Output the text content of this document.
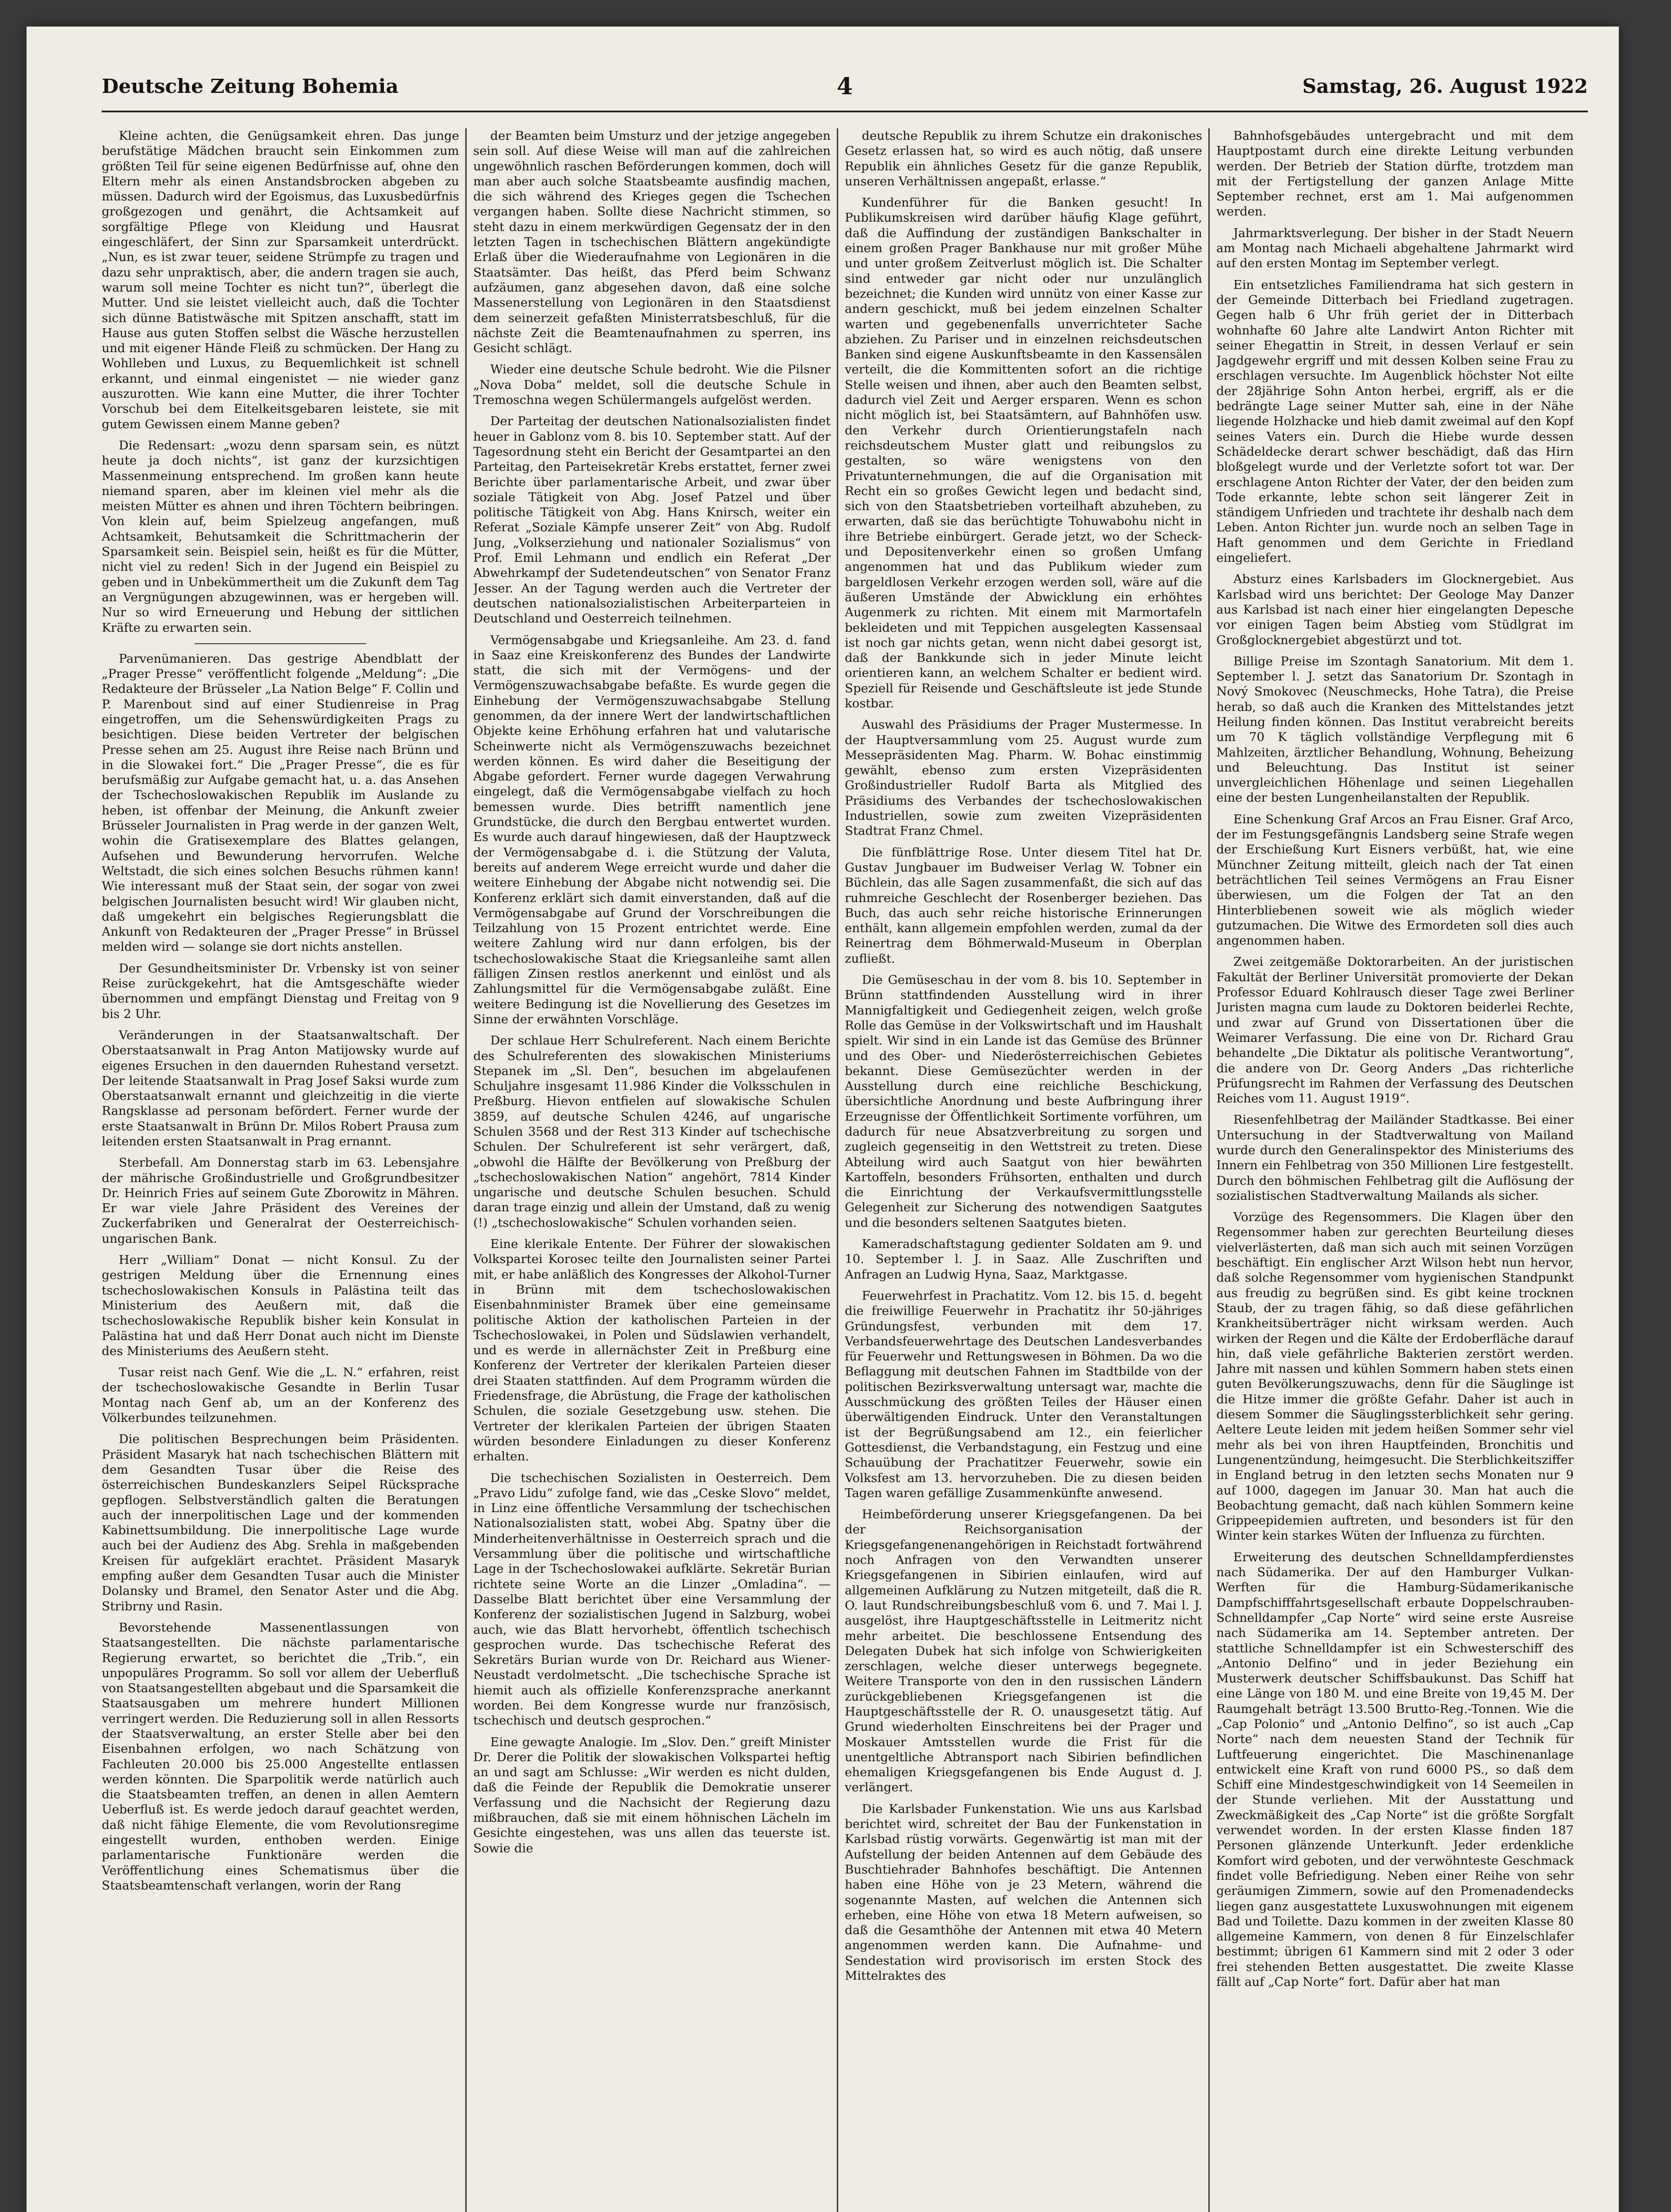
Deutsche Zeitung Bohemia	4	Samstag, 26. August 1922

Kleine achten, die Genügsamkeit ehren. Das junge berufstätige Mädchen braucht sein Einkommen zum größten Teil für seine eigenen Bedürfnisse auf, ohne den Eltern mehr als einen Anstandsbrocken abgeben zu müssen. Dadurch wird der Egoismus, das Luxusbedürfnis großgezogen und genährt, die Achtsamkeit auf sorgfältige Pflege von Kleidung und Hausrat eingeschläfert, der Sinn zur Sparsamkeit unterdrückt. „Nun, es ist zwar teuer, seidene Strümpfe zu tragen und dazu sehr unpraktisch, aber, die andern tragen sie auch, warum soll meine Tochter es nicht tun?“, überlegt die Mutter. Und sie leistet vielleicht auch, daß die Tochter sich dünne Batistwäsche mit Spitzen anschafft, statt im Hause aus guten Stoffen selbst die Wäsche herzustellen und mit eigener Hände Fleiß zu schmücken. Der Hang zu Wohlleben und Luxus, zu Bequemlichkeit ist schnell erkannt, und einmal eingenistet — nie wieder ganz auszurotten. Wie kann eine Mutter, die ihrer Tochter Vorschub bei dem Eitelkeitsgebaren leistete, sie mit gutem Gewissen einem Manne geben?

Die Redensart: „wozu denn sparsam sein, es nützt heute ja doch nichts“, ist ganz der kurzsichtigen Massenmeinung entsprechend. Im großen kann heute niemand sparen, aber im kleinen viel mehr als die meisten Mütter es ahnen und ihren Töchtern beibringen. Von klein auf, beim Spielzeug angefangen, muß Achtsamkeit, Behutsamkeit die Schrittmacherin der Sparsamkeit sein. Beispiel sein, heißt es für die Mütter, nicht viel zu reden! Sich in der Jugend ein Beispiel zu geben und in Unbekümmertheit um die Zukunft dem Tag an Vergnügungen abzugewinnen, was er hergeben will. Nur so wird Erneuerung und Hebung der sittlichen Kräfte zu erwarten sein.

Parvenümanieren. Das gestrige Abendblatt der „Prager Presse“ veröffentlicht folgende „Meldung“: „Die Redakteure der Brüsseler „La Nation Belge“ F. Collin und P. Marenbout sind auf einer Studienreise in Prag eingetroffen, um die Sehenswürdigkeiten Prags zu besichtigen. Diese beiden Vertreter der belgischen Presse sehen am 25. August ihre Reise nach Brünn und in die Slowakei fort.“ Die „Prager Presse“, die es für berufsmäßig zur Aufgabe gemacht hat, u. a. das Ansehen der Tschechoslowakischen Republik im Auslande zu heben, ist offenbar der Meinung, die Ankunft zweier Brüsseler Journalisten in Prag werde in der ganzen Welt, wohin die Gratisexemplare des Blattes gelangen, Aufsehen und Bewunderung hervorrufen. Welche Weltstadt, die sich eines solchen Besuchs rühmen kann! Wie interessant muß der Staat sein, der sogar von zwei belgischen Journalisten besucht wird! Wir glauben nicht, daß umgekehrt ein belgisches Regierungsblatt die Ankunft von Redakteuren der „Prager Presse“ in Brüssel melden wird — solange sie dort nichts anstellen.

Der Gesundheitsminister Dr. Vrbensky ist von seiner Reise zurückgekehrt, hat die Amtsgeschäfte wieder übernommen und empfängt Dienstag und Freitag von 9 bis 2 Uhr.

Veränderungen in der Staatsanwaltschaft. Der Oberstaatsanwalt in Prag Anton Matijowsky wurde auf eigenes Ersuchen in den dauernden Ruhestand versetzt. Der leitende Staatsanwalt in Prag Josef Saksi wurde zum Oberstaatsanwalt ernannt und gleichzeitig in die vierte Rangsklasse ad personam befördert. Ferner wurde der erste Staatsanwalt in Brünn Dr. Milos Robert Prausa zum leitenden ersten Staatsanwalt in Prag ernannt.

Sterbefall. Am Donnerstag starb im 63. Lebensjahre der mährische Großindustrielle und Großgrundbesitzer Dr. Heinrich Fries auf seinem Gute Zborowitz in Mähren. Er war viele Jahre Präsident des Vereines der Zuckerfabriken und Generalrat der Oesterreichisch-ungarischen Bank.

Herr „William“ Donat — nicht Konsul. Zu der gestrigen Meldung über die Ernennung eines tschechoslowakischen Konsuls in Palästina teilt das Ministerium des Aeußern mit, daß die tschechoslowakische Republik bisher kein Konsulat in Palästina hat und daß Herr Donat auch nicht im Dienste des Ministeriums des Aeußern steht.

Tusar reist nach Genf. Wie die „L. N.“ erfahren, reist der tschechoslowakische Gesandte in Berlin Tusar Montag nach Genf ab, um an der Konferenz des Völkerbundes teilzunehmen.

Die politischen Besprechungen beim Präsidenten. Präsident Masaryk hat nach tschechischen Blättern mit dem Gesandten Tusar über die Reise des österreichischen Bundeskanzlers Seipel Rücksprache gepflogen. Selbstverständlich galten die Beratungen auch der innerpolitischen Lage und der kommenden Kabinettsumbildung. Die innerpolitische Lage wurde auch bei der Audienz des Abg. Srehla in maßgebenden Kreisen für aufgeklärt erachtet. Präsident Masaryk empfing außer dem Gesandten Tusar auch die Minister Dolansky und Bramel, den Senator Aster und die Abg. Stribrny und Rasin.

Bevorstehende Massenentlassungen von Staatsangestellten. Die nächste parlamentarische Regierung erwartet, so berichtet die „Trib.“, ein unpopuläres Programm. So soll vor allem der Ueberfluß von Staatsangestellten abgebaut und die Sparsamkeit die Staatsausgaben um mehrere hundert Millionen verringert werden. Die Reduzierung soll in allen Ressorts der Staatsverwaltung, an erster Stelle aber bei den Eisenbahnen erfolgen, wo nach Schätzung von Fachleuten 20.000 bis 25.000 Angestellte entlassen werden könnten. Die Sparpolitik werde natürlich auch die Staatsbeamten treffen, an denen in allen Aemtern Ueberfluß ist. Es werde jedoch darauf geachtet werden, daß nicht fähige Elemente, die vom Revolutionsregime eingestellt wurden, enthoben werden. Einige parlamentarische Funktionäre werden die Veröffentlichung eines Schematismus über die Staatsbeamtenschaft verlangen, worin der Rang

der Beamten beim Umsturz und der jetzige angegeben sein soll. Auf diese Weise will man auf die zahlreichen ungewöhnlich raschen Beförderungen kommen, doch will man aber auch solche Staatsbeamte ausfindig machen, die sich während des Krieges gegen die Tschechen vergangen haben. Sollte diese Nachricht stimmen, so steht dazu in einem merkwürdigen Gegensatz der in den letzten Tagen in tschechischen Blättern angekündigte Erlaß über die Wiederaufnahme von Legionären in die Staatsämter. Das heißt, das Pferd beim Schwanz aufzäumen, ganz abgesehen davon, daß eine solche Massenerstellung von Legionären in den Staatsdienst dem seinerzeit gefaßten Ministerratsbeschluß, für die nächste Zeit die Beamtenaufnahmen zu sperren, ins Gesicht schlägt.

Wieder eine deutsche Schule bedroht. Wie die Pilsner „Nova Doba“ meldet, soll die deutsche Schule in Tremoschna wegen Schülermangels aufgelöst werden.

Der Parteitag der deutschen Nationalsozialisten findet heuer in Gablonz vom 8. bis 10. September statt. Auf der Tagesordnung steht ein Bericht der Gesamtpartei an den Parteitag, den Parteisekretär Krebs erstattet, ferner zwei Berichte über parlamentarische Arbeit, und zwar über soziale Tätigkeit von Abg. Josef Patzel und über politische Tätigkeit von Abg. Hans Knirsch, weiter ein Referat „Soziale Kämpfe unserer Zeit“ von Abg. Rudolf Jung, „Volkserziehung und nationaler Sozialismus“ von Prof. Emil Lehmann und endlich ein Referat „Der Abwehrkampf der Sudetendeutschen“ von Senator Franz Jesser. An der Tagung werden auch die Vertreter der deutschen nationalsozialistischen Arbeiterparteien in Deutschland und Oesterreich teilnehmen.

Vermögensabgabe und Kriegsanleihe. Am 23. d. fand in Saaz eine Kreiskonferenz des Bundes der Landwirte statt, die sich mit der Vermögens- und der Vermögenszuwachsabgabe befaßte. Es wurde gegen die Einhebung der Vermögenszuwachsabgabe Stellung genommen, da der innere Wert der landwirtschaftlichen Objekte keine Erhöhung erfahren hat und valutarische Scheinwerte nicht als Vermögenszuwachs bezeichnet werden können. Es wird daher die Beseitigung der Abgabe gefordert. Ferner wurde dagegen Verwahrung eingelegt, daß die Vermögensabgabe vielfach zu hoch bemessen wurde. Dies betrifft namentlich jene Grundstücke, die durch den Bergbau entwertet wurden. Es wurde auch darauf hingewiesen, daß der Hauptzweck der Vermögensabgabe d. i. die Stützung der Valuta, bereits auf anderem Wege erreicht wurde und daher die weitere Einhebung der Abgabe nicht notwendig sei. Die Konferenz erklärt sich damit einverstanden, daß auf die Vermögensabgabe auf Grund der Vorschreibungen die Teilzahlung von 15 Prozent entrichtet werde. Eine weitere Zahlung wird nur dann erfolgen, bis der tschechoslowakische Staat die Kriegsanleihe samt allen fälligen Zinsen restlos anerkennt und einlöst und als Zahlungsmittel für die Vermögensabgabe zuläßt. Eine weitere Bedingung ist die Novellierung des Gesetzes im Sinne der erwähnten Vorschläge.

Der schlaue Herr Schulreferent. Nach einem Berichte des Schulreferenten des slowakischen Ministeriums Stepanek im „Sl. Den“, besuchen im abgelaufenen Schuljahre insgesamt 11.986 Kinder die Volksschulen in Preßburg. Hievon entfielen auf slowakische Schulen 3859, auf deutsche Schulen 4246, auf ungarische Schulen 3568 und der Rest 313 Kinder auf tschechische Schulen. Der Schulreferent ist sehr verärgert, daß, „obwohl die Hälfte der Bevölkerung von Preßburg der „tschechoslowakischen Nation“ angehört, 7814 Kinder ungarische und deutsche Schulen besuchen. Schuld daran trage einzig und allein der Umstand, daß zu wenig (!) „tschechoslowakische“ Schulen vorhanden seien.

Eine klerikale Entente. Der Führer der slowakischen Volkspartei Korosec teilte den Journalisten seiner Partei mit, er habe anläßlich des Kongresses der Alkohol-Turner in Brünn mit dem tschechoslowakischen Eisenbahnminister Bramek über eine gemeinsame politische Aktion der katholischen Parteien in der Tschechoslowakei, in Polen und Südslawien verhandelt, und es werde in allernächster Zeit in Preßburg eine Konferenz der Vertreter der klerikalen Parteien dieser drei Staaten stattfinden. Auf dem Programm würden die Friedensfrage, die Abrüstung, die Frage der katholischen Schulen, die soziale Gesetzgebung usw. stehen. Die Vertreter der klerikalen Parteien der übrigen Staaten würden besondere Einladungen zu dieser Konferenz erhalten.

Die tschechischen Sozialisten in Oesterreich. Dem „Pravo Lidu“ zufolge fand, wie das „Ceske Slovo“ meldet, in Linz eine öffentliche Versammlung der tschechischen Nationalsozialisten statt, wobei Abg. Spatny über die Minderheitenverhältnisse in Oesterreich sprach und die Versammlung über die politische und wirtschaftliche Lage in der Tschechoslowakei aufklärte. Sekretär Burian richtete seine Worte an die Linzer „Omladina“. — Dasselbe Blatt berichtet über eine Versammlung der Konferenz der sozialistischen Jugend in Salzburg, wobei auch, wie das Blatt hervorhebt, öffentlich tschechisch gesprochen wurde. Das tschechische Referat des Sekretärs Burian wurde von Dr. Reichard aus Wiener-Neustadt verdolmetscht. „Die tschechische Sprache ist hiemit auch als offizielle Konferenzsprache anerkannt worden. Bei dem Kongresse wurde nur französisch, tschechisch und deutsch gesprochen.“

Eine gewagte Analogie. Im „Slov. Den.“ greift Minister Dr. Derer die Politik der slowakischen Volkspartei heftig an und sagt am Schlusse: „Wir werden es nicht dulden, daß die Feinde der Republik die Demokratie unserer Verfassung und die Nachsicht der Regierung dazu mißbrauchen, daß sie mit einem höhnischen Lächeln im Gesichte eingestehen, was uns allen das teuerste ist. Sowie die

deutsche Republik zu ihrem Schutze ein drakonisches Gesetz erlassen hat, so wird es auch nötig, daß unsere Republik ein ähnliches Gesetz für die ganze Republik, unseren Verhältnissen angepaßt, erlasse.“

Kundenführer für die Banken gesucht! In Publikumskreisen wird darüber häufig Klage geführt, daß die Auffindung der zuständigen Bankschalter in einem großen Prager Bankhause nur mit großer Mühe und unter großem Zeitverlust möglich ist. Die Schalter sind entweder gar nicht oder nur unzulänglich bezeichnet; die Kunden wird unnütz von einer Kasse zur andern geschickt, muß bei jedem einzelnen Schalter warten und gegebenenfalls unverrichteter Sache abziehen. Zu Pariser und in einzelnen reichsdeutschen Banken sind eigene Auskunftsbeamte in den Kassensälen verteilt, die die Kommittenten sofort an die richtige Stelle weisen und ihnen, aber auch den Beamten selbst, dadurch viel Zeit und Aerger ersparen. Wenn es schon nicht möglich ist, bei Staatsämtern, auf Bahnhöfen usw. den Verkehr durch Orientierungstafeln nach reichsdeutschem Muster glatt und reibungslos zu gestalten, so wäre wenigstens von den Privatunternehmungen, die auf die Organisation mit Recht ein so großes Gewicht legen und bedacht sind, sich von den Staatsbetrieben vorteilhaft abzuheben, zu erwarten, daß sie das berüchtigte Tohuwabohu nicht in ihre Betriebe einbürgert. Gerade jetzt, wo der Scheck- und Depositenverkehr einen so großen Umfang angenommen hat und das Publikum wieder zum bargeldlosen Verkehr erzogen werden soll, wäre auf die äußeren Umstände der Abwicklung ein erhöhtes Augenmerk zu richten. Mit einem mit Marmortafeln bekleideten und mit Teppichen ausgelegten Kassensaal ist noch gar nichts getan, wenn nicht dabei gesorgt ist, daß der Bankkunde sich in jeder Minute leicht orientieren kann, an welchem Schalter er bedient wird. Speziell für Reisende und Geschäftsleute ist jede Stunde kostbar.

Auswahl des Präsidiums der Prager Mustermesse. In der Hauptversammlung vom 25. August wurde zum Messepräsidenten Mag. Pharm. W. Bohac einstimmig gewählt, ebenso zum ersten Vizepräsidenten Großindustrieller Rudolf Barta als Mitglied des Präsidiums des Verbandes der tschechoslowakischen Industriellen, sowie zum zweiten Vizepräsidenten Stadtrat Franz Chmel.

Die fünfblättrige Rose. Unter diesem Titel hat Dr. Gustav Jungbauer im Budweiser Verlag W. Tobner ein Büchlein, das alle Sagen zusammenfaßt, die sich auf das ruhmreiche Geschlecht der Rosenberger beziehen. Das Buch, das auch sehr reiche historische Erinnerungen enthält, kann allgemein empfohlen werden, zumal da der Reinertrag dem Böhmerwald-Museum in Oberplan zufließt.

Die Gemüseschau in der vom 8. bis 10. September in Brünn stattfindenden Ausstellung wird in ihrer Mannigfaltigkeit und Gediegenheit zeigen, welch große Rolle das Gemüse in der Volkswirtschaft und im Haushalt spielt. Wir sind in ein Lande ist das Gemüse des Brünner und des Ober- und Niederösterreichischen Gebietes bekannt. Diese Gemüsezüchter werden in der Ausstellung durch eine reichliche Beschickung, übersichtliche Anordnung und beste Aufbringung ihrer Erzeugnisse der Öffentlichkeit Sortimente vorführen, um dadurch für neue Absatzverbreitung zu sorgen und zugleich gegenseitig in den Wettstreit zu treten. Diese Abteilung wird auch Saatgut von hier bewährten Kartoffeln, besonders Frühsorten, enthalten und durch die Einrichtung der Verkaufsvermittlungsstelle Gelegenheit zur Sicherung des notwendigen Saatgutes und die besonders seltenen Saatgutes bieten.

Kameradschaftstagung gedienter Soldaten am 9. und 10. September l. J. in Saaz. Alle Zuschriften und Anfragen an Ludwig Hyna, Saaz, Marktgasse.

Feuerwehrfest in Prachatitz. Vom 12. bis 15. d. begeht die freiwillige Feuerwehr in Prachatitz ihr 50-jähriges Gründungsfest, verbunden mit dem 17. Verbandsfeuerwehrtage des Deutschen Landesverbandes für Feuerwehr und Rettungswesen in Böhmen. Da wo die Beflaggung mit deutschen Fahnen im Stadtbilde von der politischen Bezirksverwaltung untersagt war, machte die Ausschmückung des größten Teiles der Häuser einen überwältigenden Eindruck. Unter den Veranstaltungen ist der Begrüßungsabend am 12., ein feierlicher Gottesdienst, die Verbandstagung, ein Festzug und eine Schauübung der Prachatitzer Feuerwehr, sowie ein Volksfest am 13. hervorzuheben. Die zu diesen beiden Tagen waren gefällige Zusammenkünfte anwesend.

Heimbeförderung unserer Kriegsgefangenen. Da bei der Reichsorganisation der Kriegsgefangenenangehörigen in Reichstadt fortwährend noch Anfragen von den Verwandten unserer Kriegsgefangenen in Sibirien einlaufen, wird auf allgemeinen Aufklärung zu Nutzen mitgeteilt, daß die R. O. laut Rundschreibungsbeschluß vom 6. und 7. Mai l. J. ausgelöst, ihre Hauptgeschäftsstelle in Leitmeritz nicht mehr arbeitet. Die beschlossene Entsendung des Delegaten Dubek hat sich infolge von Schwierigkeiten zerschlagen, welche dieser unterwegs begegnete. Weitere Transporte von den in den russischen Ländern zurückgebliebenen Kriegsgefangenen ist die Hauptgeschäftsstelle der R. O. unausgesetzt tätig. Auf Grund wiederholten Einschreitens bei der Prager und Moskauer Amtsstellen wurde die Frist für die unentgeltliche Abtransport nach Sibirien befindlichen ehemaligen Kriegsgefangenen bis Ende August d. J. verlängert.

Die Karlsbader Funkenstation. Wie uns aus Karlsbad berichtet wird, schreitet der Bau der Funkenstation in Karlsbad rüstig vorwärts. Gegenwärtig ist man mit der Aufstellung der beiden Antennen auf dem Gebäude des Buschtiehrader Bahnhofes beschäftigt. Die Antennen haben eine Höhe von je 23 Metern, während die sogenannte Masten, auf welchen die Antennen sich erheben, eine Höhe von etwa 18 Metern aufweisen, so daß die Gesamthöhe der Antennen mit etwa 40 Metern angenommen werden kann. Die Aufnahme- und Sendestation wird provisorisch im ersten Stock des Mittelraktes des

Bahnhofsgebäudes untergebracht und mit dem Hauptpostamt durch eine direkte Leitung verbunden werden. Der Betrieb der Station dürfte, trotzdem man mit der Fertigstellung der ganzen Anlage Mitte September rechnet, erst am 1. Mai aufgenommen werden.

Jahrmarktsverlegung. Der bisher in der Stadt Neuern am Montag nach Michaeli abgehaltene Jahrmarkt wird auf den ersten Montag im September verlegt.

Ein entsetzliches Familiendrama hat sich gestern in der Gemeinde Ditterbach bei Friedland zugetragen. Gegen halb 6 Uhr früh geriet der in Ditterbach wohnhafte 60 Jahre alte Landwirt Anton Richter mit seiner Ehegattin in Streit, in dessen Verlauf er sein Jagdgewehr ergriff und mit dessen Kolben seine Frau zu erschlagen versuchte. Im Augenblick höchster Not eilte der 28jährige Sohn Anton herbei, ergriff, als er die bedrängte Lage seiner Mutter sah, eine in der Nähe liegende Holzhacke und hieb damit zweimal auf den Kopf seines Vaters ein. Durch die Hiebe wurde dessen Schädeldecke derart schwer beschädigt, daß das Hirn bloßgelegt wurde und der Verletzte sofort tot war. Der erschlagene Anton Richter der Vater, der den beiden zum Tode erkannte, lebte schon seit längerer Zeit in ständigem Unfrieden und trachtete ihr deshalb nach dem Leben. Anton Richter jun. wurde noch an selben Tage in Haft genommen und dem Gerichte in Friedland eingeliefert.

Absturz eines Karlsbaders im Glocknergebiet. Aus Karlsbad wird uns berichtet: Der Geologe May Danzer aus Karlsbad ist nach einer hier eingelangten Depesche vor einigen Tagen beim Abstieg vom Stüdlgrat im Großglocknergebiet abgestürzt und tot.

Billige Preise im Szontagh Sanatorium. Mit dem 1. September l. J. setzt das Sanatorium Dr. Szontagh in Nový Smokovec (Neuschmecks, Hohe Tatra), die Preise herab, so daß auch die Kranken des Mittelstandes jetzt Heilung finden können. Das Institut verabreicht bereits um 70 K täglich vollständige Verpflegung mit 6 Mahlzeiten, ärztlicher Behandlung, Wohnung, Beheizung und Beleuchtung. Das Institut ist seiner unvergleichlichen Höhenlage und seinen Liegehallen eine der besten Lungenheilanstalten der Republik.

Eine Schenkung Graf Arcos an Frau Eisner. Graf Arco, der im Festungsgefängnis Landsberg seine Strafe wegen der Erschießung Kurt Eisners verbüßt, hat, wie eine Münchner Zeitung mitteilt, gleich nach der Tat einen beträchtlichen Teil seines Vermögens an Frau Eisner überwiesen, um die Folgen der Tat an den Hinterbliebenen soweit wie als möglich wieder gutzumachen. Die Witwe des Ermordeten soll dies auch angenommen haben.

Zwei zeitgemäße Doktorarbeiten. An der juristischen Fakultät der Berliner Universität promovierte der Dekan Professor Eduard Kohlrausch dieser Tage zwei Berliner Juristen magna cum laude zu Doktoren beiderlei Rechte, und zwar auf Grund von Dissertationen über die Weimarer Verfassung. Die eine von Dr. Richard Grau behandelte „Die Diktatur als politische Verantwortung“, die andere von Dr. Georg Anders „Das richterliche Prüfungsrecht im Rahmen der Verfassung des Deutschen Reiches vom 11. August 1919“.

Riesenfehlbetrag der Mailänder Stadtkasse. Bei einer Untersuchung in der Stadtverwaltung von Mailand wurde durch den Generalinspektor des Ministeriums des Innern ein Fehlbetrag von 350 Millionen Lire festgestellt. Durch den böhmischen Fehlbetrag gilt die Auflösung der sozialistischen Stadtverwaltung Mailands als sicher.

Vorzüge des Regensommers. Die Klagen über den Regensommer haben zur gerechten Beurteilung dieses vielverlästerten, daß man sich auch mit seinen Vorzügen beschäftigt. Ein englischer Arzt Wilson hebt nun hervor, daß solche Regensommer vom hygienischen Standpunkt aus freudig zu begrüßen sind. Es gibt keine trocknen Staub, der zu tragen fähig, so daß diese gefährlichen Krankheitsüberträger nicht wirksam werden. Auch wirken der Regen und die Kälte der Erdoberfläche darauf hin, daß viele gefährliche Bakterien zerstört werden. Jahre mit nassen und kühlen Sommern haben stets einen guten Bevölkerungszuwachs, denn für die Säuglinge ist die Hitze immer die größte Gefahr. Daher ist auch in diesem Sommer die Säuglingssterblichkeit sehr gering. Aeltere Leute leiden mit jedem heißen Sommer sehr viel mehr als bei von ihren Hauptfeinden, Bronchitis und Lungenentzündung, heimgesucht. Die Sterblichkeitsziffer in England betrug in den letzten sechs Monaten nur 9 auf 1000, dagegen im Januar 30. Man hat auch die Beobachtung gemacht, daß nach kühlen Sommern keine Grippeepidemien auftreten, und besonders ist für den Winter kein starkes Wüten der Influenza zu fürchten.

Erweiterung des deutschen Schnelldampferdienstes nach Südamerika. Der auf den Hamburger Vulkan-Werften für die Hamburg-Südamerikanische Dampfschifffahrtsgesellschaft erbaute Doppelschrauben-Schnelldampfer „Cap Norte“ wird seine erste Ausreise nach Südamerika am 14. September antreten. Der stattliche Schnelldampfer ist ein Schwesterschiff des „Antonio Delfino“ und in jeder Beziehung ein Musterwerk deutscher Schiffsbaukunst. Das Schiff hat eine Länge von 180 M. und eine Breite von 19,45 M. Der Raumgehalt beträgt 13.500 Brutto-Reg.-Tonnen. Wie die „Cap Polonio“ und „Antonio Delfino“, so ist auch „Cap Norte“ nach dem neuesten Stand der Technik für Luftfeuerung eingerichtet. Die Maschinenanlage entwickelt eine Kraft von rund 6000 PS., so daß dem Schiff eine Mindestgeschwindigkeit von 14 Seemeilen in der Stunde verliehen. Mit der Ausstattung und Zweckmäßigkeit des „Cap Norte“ ist die größte Sorgfalt verwendet worden. In der ersten Klasse finden 187 Personen glänzende Unterkunft. Jeder erdenkliche Komfort wird geboten, und der verwöhnteste Geschmack findet volle Befriedigung. Neben einer Reihe von sehr geräumigen Zimmern, sowie auf den Promenadendecks liegen ganz ausgestattete Luxuswohnungen mit eigenem Bad und Toilette. Dazu kommen in der zweiten Klasse 80 allgemeine Kammern, von denen 8 für Einzelschlafer bestimmt; übrigen 61 Kammern sind mit 2 oder 3 oder frei stehenden Betten ausgestattet. Die zweite Klasse fällt auf „Cap Norte“ fort. Dafür aber hat man
